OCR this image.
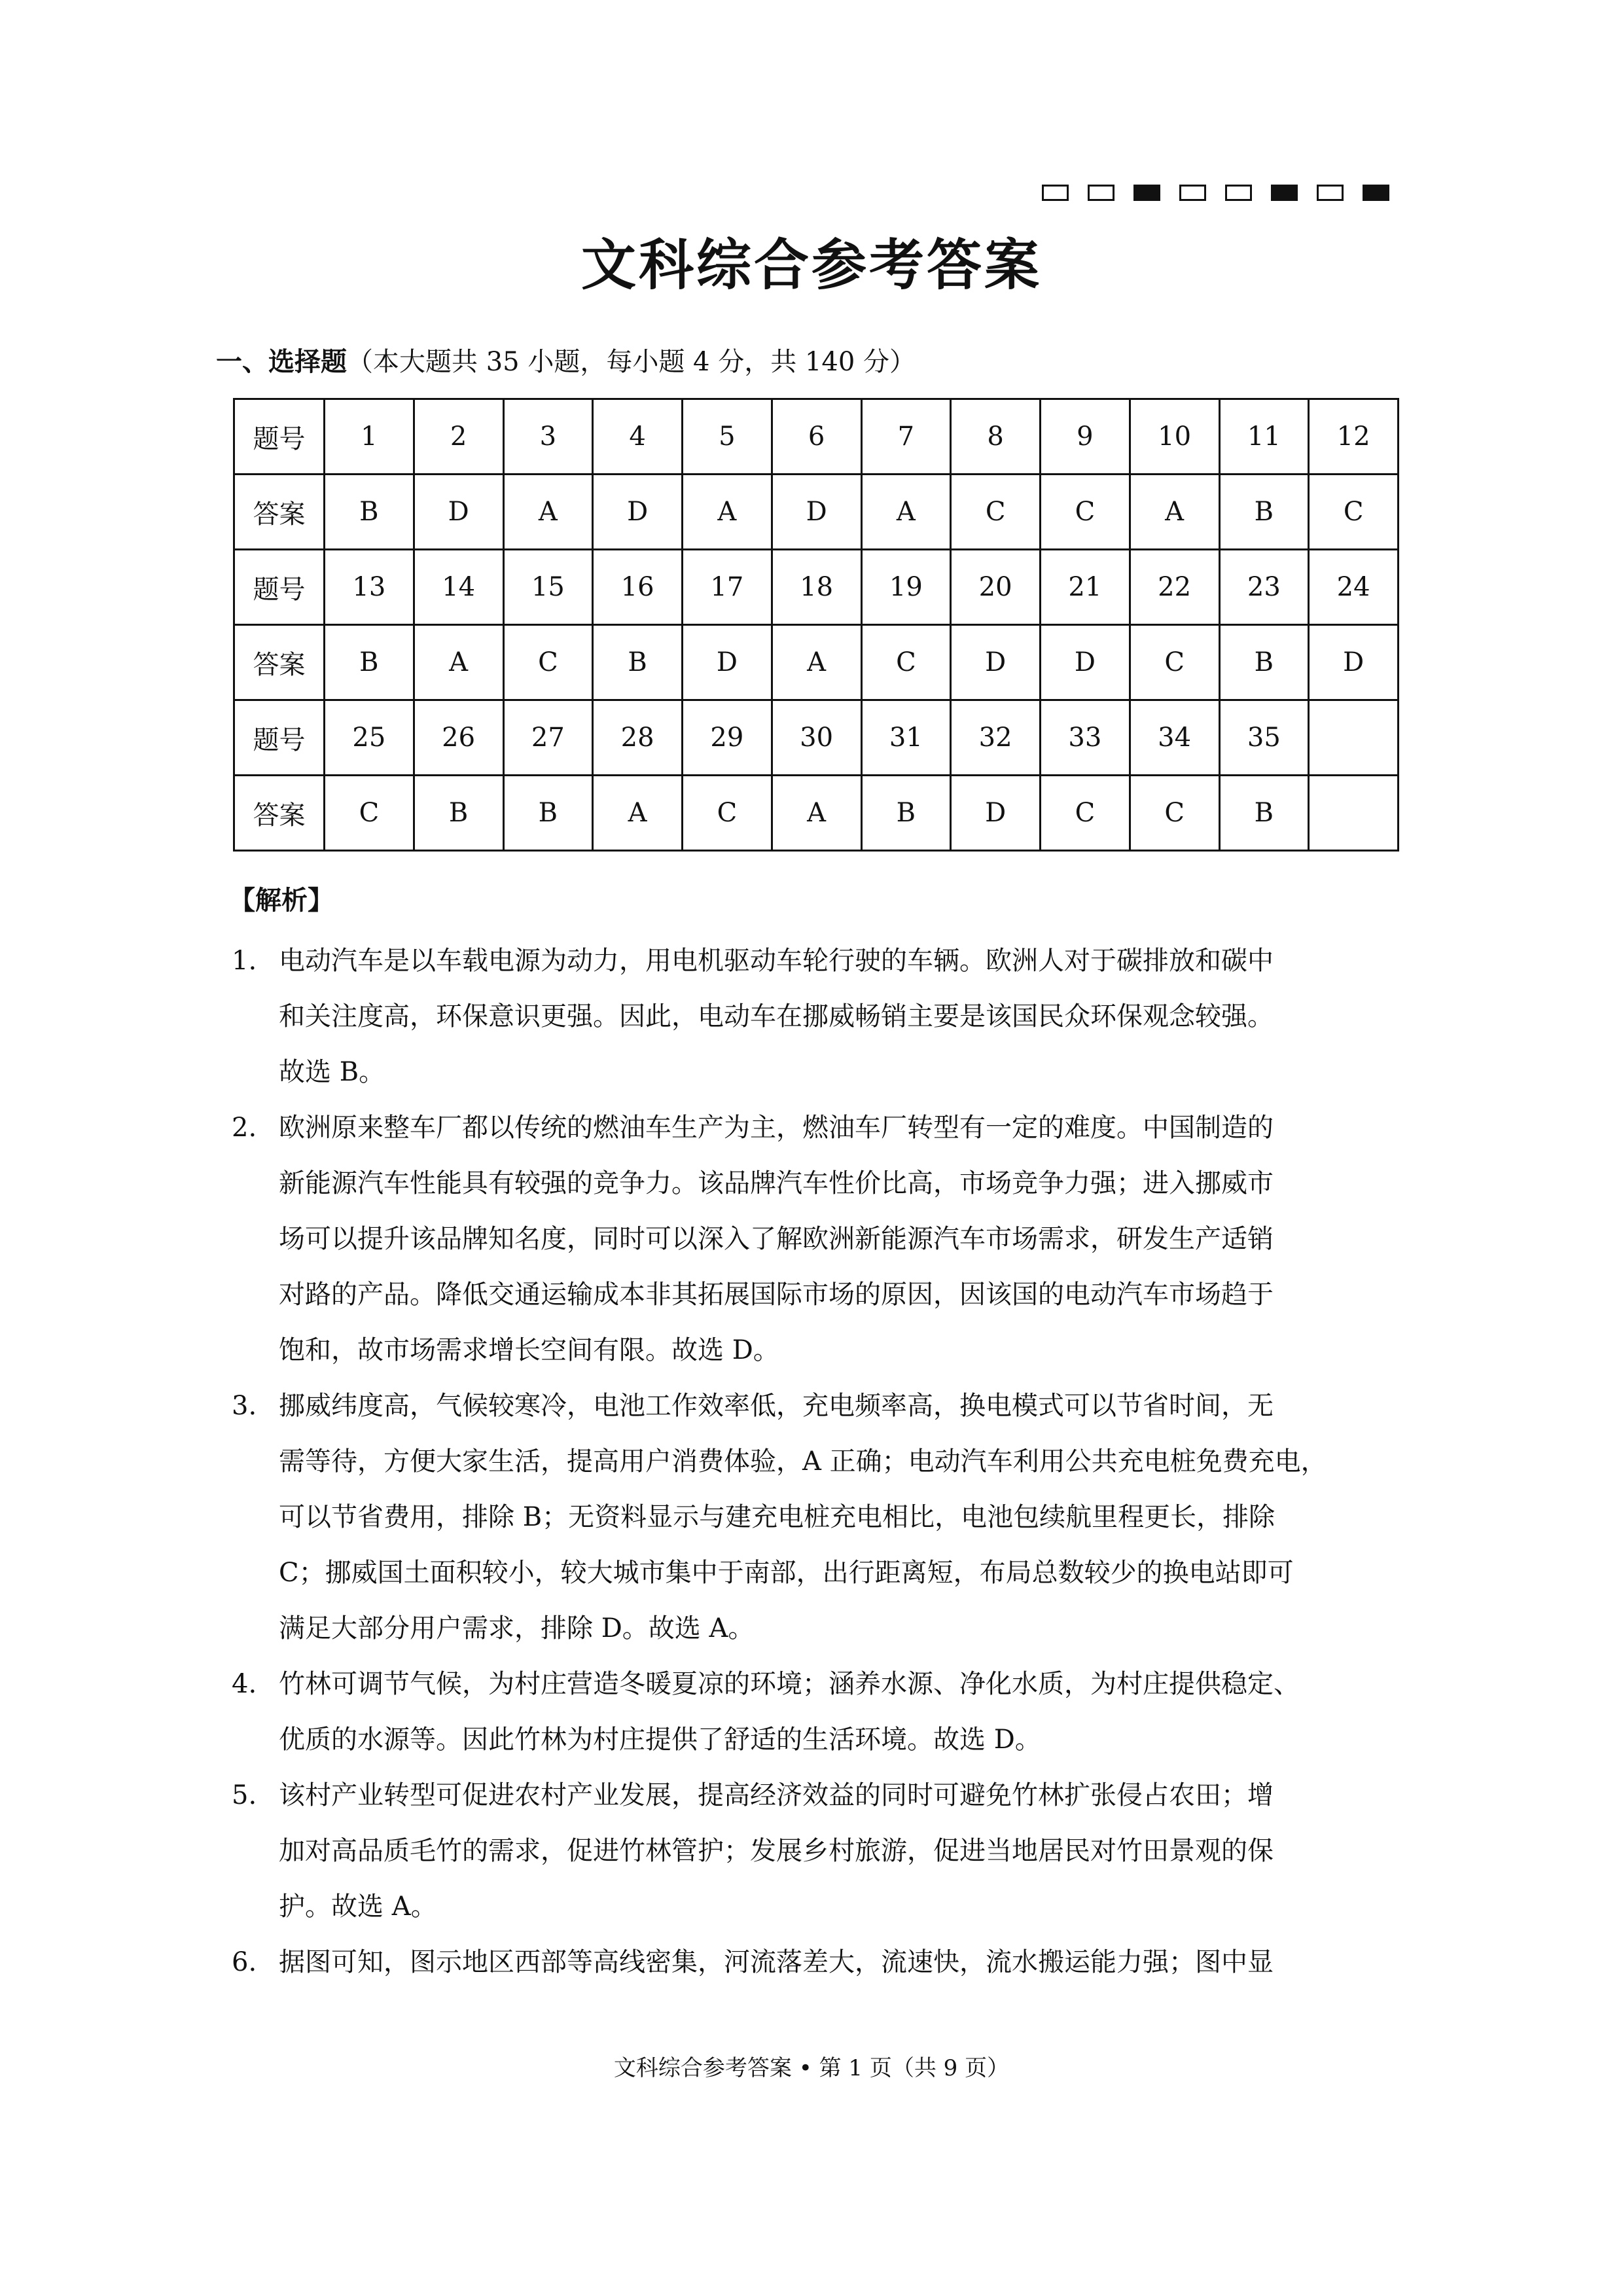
文科综合参考答案
一、选择题（本大题共 35 小题，每小题 4 分，共 140 分）
题号	1	2	3	4	5	6	7	8	9	10	11	12
答案	B	D	A	D	A	D	A	C	C	A	B	C
题号	13	14	15	16	17	18	19	20	21	22	23	24
答案	B	A	C	B	D	A	C	D	D	C	B	D
题号	25	26	27	28	29	30	31	32	33	34	35	
答案	C	B	B	A	C	A	B	D	C	C	B	
【解析】
1. 电动汽车是以车载电源为动力，用电机驱动车轮行驶的车辆。欧洲人对于碳排放和碳中
和关注度高，环保意识更强。因此，电动车在挪威畅销主要是该国民众环保观念较强。
故选 B。
2. 欧洲原来整车厂都以传统的燃油车生产为主，燃油车厂转型有一定的难度。中国制造的
新能源汽车性能具有较强的竞争力。该品牌汽车性价比高，市场竞争力强；进入挪威市
场可以提升该品牌知名度，同时可以深入了解欧洲新能源汽车市场需求，研发生产适销
对路的产品。降低交通运输成本非其拓展国际市场的原因，因该国的电动汽车市场趋于
饱和，故市场需求增长空间有限。故选 D。
3. 挪威纬度高，气候较寒冷，电池工作效率低，充电频率高，换电模式可以节省时间，无
需等待，方便大家生活，提高用户消费体验，A 正确；电动汽车利用公共充电桩免费充电，
可以节省费用，排除 B；无资料显示与建充电桩充电相比，电池包续航里程更长，排除
C；挪威国土面积较小，较大城市集中于南部，出行距离短，布局总数较少的换电站即可
满足大部分用户需求，排除 D。故选 A。
4. 竹林可调节气候，为村庄营造冬暖夏凉的环境；涵养水源、净化水质，为村庄提供稳定、
优质的水源等。因此竹林为村庄提供了舒适的生活环境。故选 D。
5. 该村产业转型可促进农村产业发展，提高经济效益的同时可避免竹林扩张侵占农田；增
加对高品质毛竹的需求，促进竹林管护；发展乡村旅游，促进当地居民对竹田景观的保
护。故选 A。
6. 据图可知，图示地区西部等高线密集，河流落差大，流速快，流水搬运能力强；图中显
文科综合参考答案 • 第 1 页（共 9 页）
